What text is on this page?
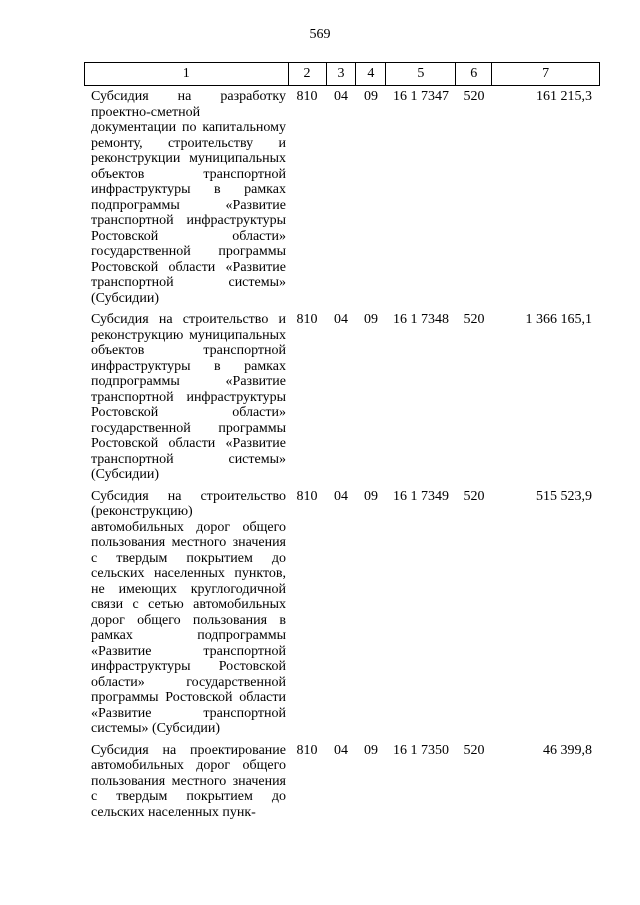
569
1	2	3	4	5	6	7
Субсидия на разработку проектно-сметной документации по капитальному ремонту, строительству и реконструкции муниципальных объектов транспортной инфраструктуры в рамках подпрограммы «Развитие транспортной инфраструктуры Ростовской области» государственной программы Ростовской области «Развитие транспортной системы» (Субсидии)
810	04	09	16 1 7347	520	161 215,3
Субсидия на строительство и реконструкцию муниципальных объектов транспортной инфраструктуры в рамках подпрограммы «Развитие транспортной инфраструктуры Ростовской области» государственной программы Ростовской области «Развитие транспортной системы» (Субсидии)
810	04	09	16 1 7348	520	1 366 165,1
Субсидия на строительство (реконструкцию) автомобильных дорог общего пользования местного значения с твердым покрытием до сельских населенных пунктов, не имеющих круглогодичной связи с сетью автомобильных дорог общего пользования в рамках подпрограммы «Развитие транспортной инфраструктуры Ростовской области» государственной программы Ростовской области «Развитие транспортной системы» (Субсидии)
810	04	09	16 1 7349	520	515 523,9
Субсидия на проектирование автомобильных дорог общего пользования местного значения с твердым покрытием до сельских населенных пунк-
810	04	09	16 1 7350	520	46 399,8
